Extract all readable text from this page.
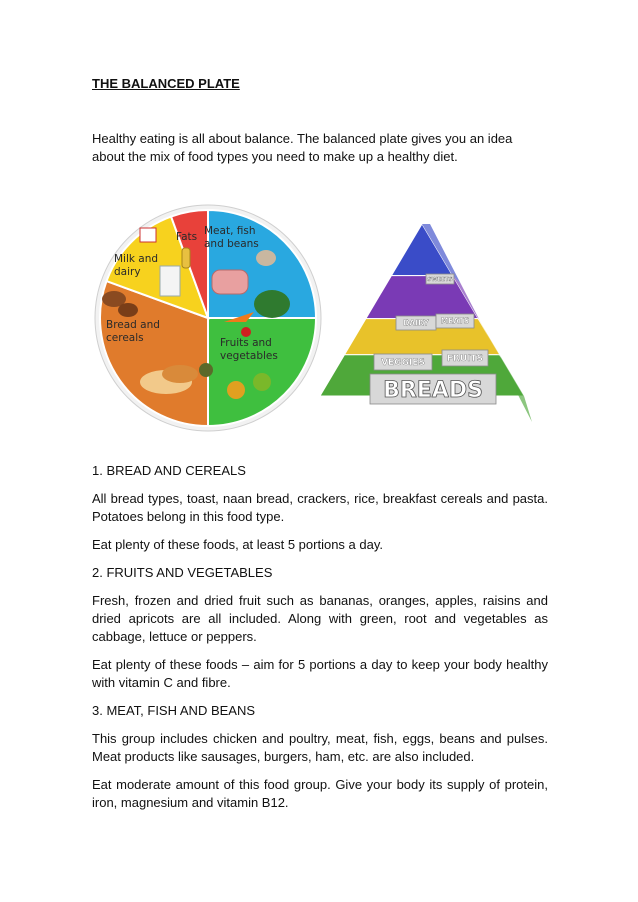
THE BALANCED PLATE

Healthy eating is all about balance. The balanced plate gives you an idea about the mix of food types you need to make up a healthy diet.

Meat, fish
and beans
Fruits and
vegetables
Bread and
cereals
Milk and
dairy
Fats
SWEETS
DAIRY MEATS
VEGGIES FRUITS
BREADS

1. BREAD AND CEREALS

All bread types, toast, naan bread, crackers, rice, breakfast cereals and pasta. Potatoes belong in this food type.

Eat plenty of these foods, at least 5 portions a day.

2. FRUITS AND VEGETABLES

Fresh, frozen and dried fruit such as bananas, oranges, apples, raisins and dried apricots are all included. Along with green, root and vegetables as cabbage, lettuce or peppers.

Eat plenty of these foods – aim for 5 portions a day to keep your body healthy with vitamin C and fibre.

3. MEAT, FISH AND BEANS

This group includes chicken and poultry, meat, fish, eggs, beans and pulses. Meat products like sausages, burgers, ham, etc. are also included.

Eat moderate amount of this food group. Give your body its supply of protein, iron, magnesium and vitamin B12.
